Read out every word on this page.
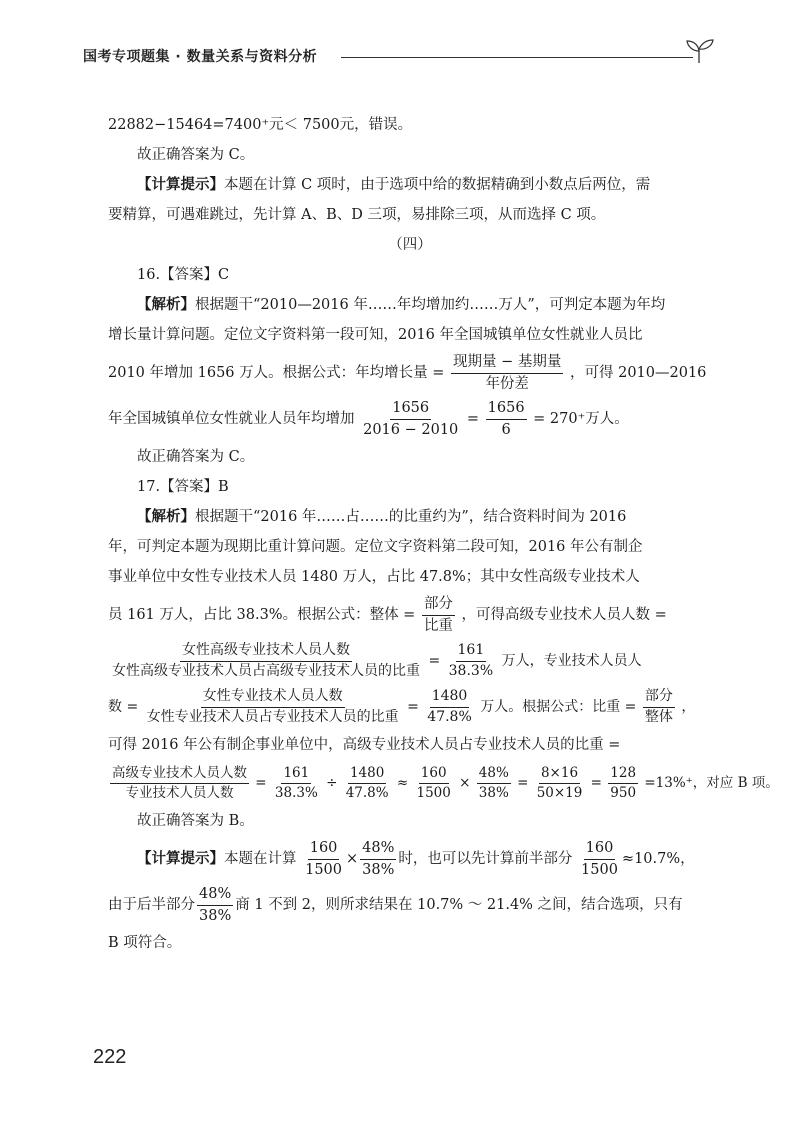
国考专项题集 · 数量关系与资料分析

22882−15464=7400⁺元＜ 7500元，错误。

故正确答案为 C。

【计算提示】本题在计算 C 项时，由于选项中给的数据精确到小数点后两位，需

要精算，可遇难跳过，先计算 A、B、D 三项，易排除三项，从而选择 C 项。

（四）

16.【答案】C

【解析】根据题干“2010—2016 年……年均增加约……万人”，可判定本题为年均

增长量计算问题。定位文字资料第一段可知，2016 年全国城镇单位女性就业人员比

2010 年增加 1656 万人。根据公式：年均增长量 = $\frac{\text{现期量 − 基期量}}{\text{年份差}}$ ，可得 2010—2016

年全国城镇单位女性就业人员年均增加 $\frac{1656}{2016 - 2010} = \frac{1656}{6} = 270^+$万人。

故正确答案为 C。

17.【答案】B

【解析】根据题干“2016 年……占……的比重约为”，结合资料时间为 2016

年，可判定本题为现期比重计算问题。定位文字资料第二段可知，2016 年公有制企

事业单位中女性专业技术人员 1480 万人，占比 47.8%；其中女性高级专业技术人

员 161 万人，占比 38.3%。根据公式：整体 = $\frac{\text{部分}}{\text{比重}}$ ，可得高级专业技术人员人数 =

$\frac{\text{女性高级专业技术人员人数}}{\text{女性高级专业技术人员占高级专业技术人员的比重}} = \frac{161}{38.3\%}$ 万人，专业技术人员人

数 = $\frac{\text{女性专业技术人员人数}}{\text{女性专业技术人员占专业技术人员的比重}} = \frac{1480}{47.8\%}$ 万人。根据公式：比重 = $\frac{\text{部分}}{\text{整体}}$ ，

可得 2016 年公有制企事业单位中，高级专业技术人员占专业技术人员的比重 =

$\frac{\text{高级专业技术人员人数}}{\text{专业技术人员人数}} = \frac{161}{38.3\%} \div \frac{1480}{47.8\%} \approx \frac{160}{1500} \times \frac{48\%}{38\%} = \frac{8\times 16}{50\times 19} = \frac{128}{950} =13\%^+$，对应 B 项。

故正确答案为 B。

【计算提示】本题在计算 $\frac{160}{1500} \times \frac{48\%}{38\%}$ 时，也可以先计算前半部分 $\frac{160}{1500} \approx 10.7\%$，

由于后半部分 $\frac{48\%}{38\%}$ 商 1 不到 2，则所求结果在 10.7% ～ 21.4% 之间，结合选项，只有

B 项符合。

222
